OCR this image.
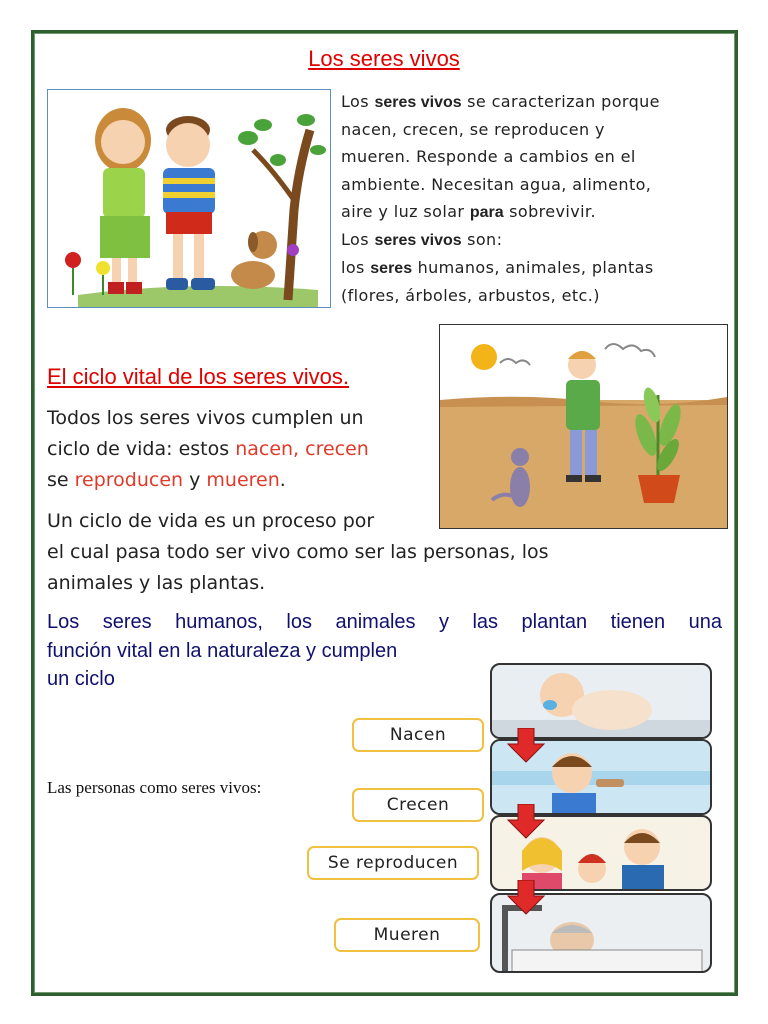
Los seres vivos
Los seres vivos se caracterizan porque
nacen, crecen, se reproducen y
mueren. Responde a cambios en el
ambiente. Necesitan agua, alimento,
aire y luz solar para sobrevivir.
Los seres vivos son:
los seres humanos, animales, plantas
(flores, árboles, arbustos, etc.)
El ciclo vital de los seres vivos.
Todos los seres vivos cumplen un
ciclo de vida: estos nacen, crecen
se reproducen y mueren.
Un ciclo de vida es un proceso por
el cual pasa todo ser vivo como ser las personas, los
animales y las plantas.
Los seres humanos, los animales y las plantan tienen una
función vital en la naturaleza y cumplen
un ciclo
Las personas como seres vivos:
Nacen
Crecen
Se reproducen
Mueren
